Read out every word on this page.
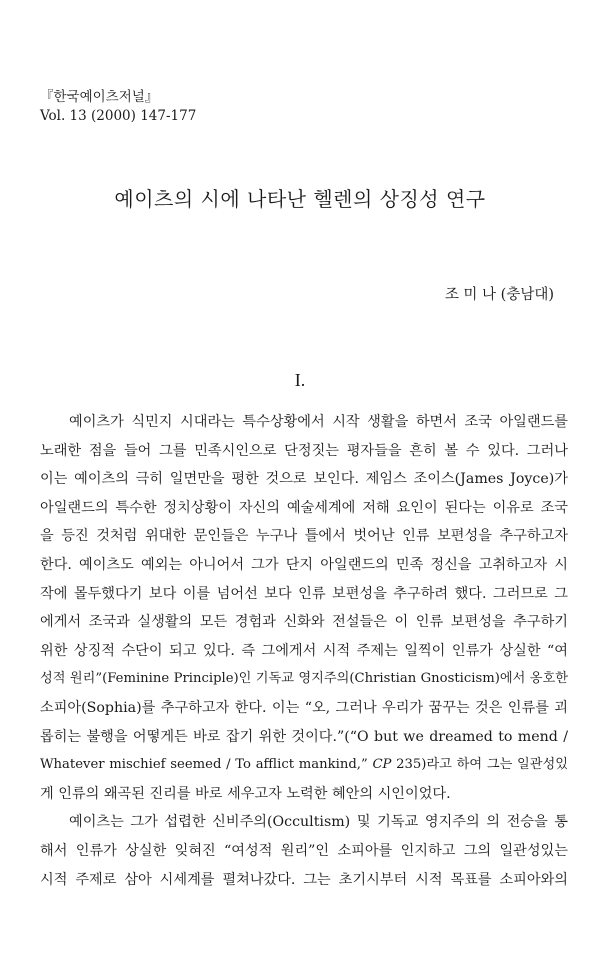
『한국예이츠저널』
Vol. 13 (2000) 147-177
예이츠의 시에 나타난 헬렌의 상징성 연구
조 미 나 (충남대)
I.

예이츠가 식민지 시대라는 특수상황에서 시작 생활을 하면서 조국 아일랜드를
노래한 점을 들어 그를 민족시인으로 단정짓는 평자들을 흔히 볼 수 있다. 그러나
이는 예이츠의 극히 일면만을 평한 것으로 보인다. 제임스 조이스(James Joyce)가
아일랜드의 특수한 정치상황이 자신의 예술세계에 저해 요인이 된다는 이유로 조국
을 등진 것처럼 위대한 문인들은 누구나 틀에서 벗어난 인류 보편성을 추구하고자
한다. 예이츠도 예외는 아니어서 그가 단지 아일랜드의 민족 정신을 고취하고자 시
작에 몰두했다기 보다 이를 넘어선 보다 인류 보편성을 추구하려 했다. 그러므로 그
에게서 조국과 실생활의 모든 경험과 신화와 전설들은 이 인류 보편성을 추구하기
위한 상징적 수단이 되고 있다. 즉 그에게서 시적 주제는 일찍이 인류가 상실한 “여
성적 원리”(Feminine Principle)인 기독교 영지주의(Christian Gnosticism)에서 옹호한
소피아(Sophia)를 추구하고자 한다. 이는 “오, 그러나 우리가 꿈꾸는 것은 인류를 괴
롭히는 불행을 어떻게든 바로 잡기 위한 것이다.”(“O but we dreamed to mend /
Whatever mischief seemed / To afflict mankind,” CP 235)라고 하여 그는 일관성있
게 인류의 왜곡된 진리를 바로 세우고자 노력한 혜안의 시인이었다.

예이츠는 그가 섭렵한 신비주의(Occultism) 및 기독교 영지주의 의 전승을 통
해서 인류가 상실한 잊혀진 “여성적 원리”인 소피아를 인지하고 그의 일관성있는
시적 주제로 삼아 시세계를 펼쳐나갔다. 그는 초기시부터 시적 목표를 소피아와의
